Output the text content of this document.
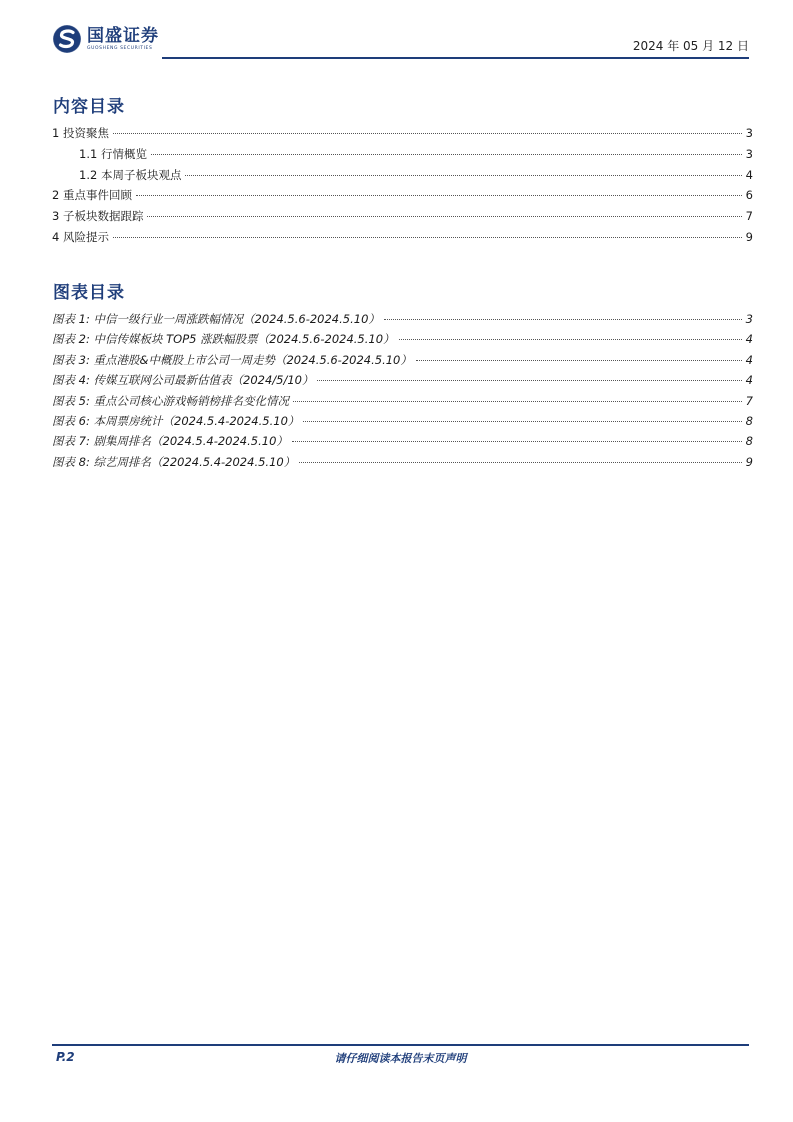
国盛证券
GUOSHENG SECURITIES	2024 年 05 月 12 日
内容目录
1 投资聚焦	3
1.1 行情概览	3
1.2 本周子板块观点	4
2 重点事件回顾	6
3 子板块数据跟踪	7
4 风险提示	9
图表目录
图表 1: 中信一级行业一周涨跌幅情况（2024.5.6-2024.5.10）	3
图表 2: 中信传媒板块 TOP5 涨跌幅股票（2024.5.6-2024.5.10）	4
图表 3: 重点港股&中概股上市公司一周走势（2024.5.6-2024.5.10）	4
图表 4: 传媒互联网公司最新估值表（2024/5/10）	4
图表 5: 重点公司核心游戏畅销榜排名变化情况	7
图表 6: 本周票房统计（2024.5.4-2024.5.10）	8
图表 7: 剧集周排名（2024.5.4-2024.5.10）	8
图表 8: 综艺周排名（22024.5.4-2024.5.10）	9
P.2	请仔细阅读本报告末页声明
